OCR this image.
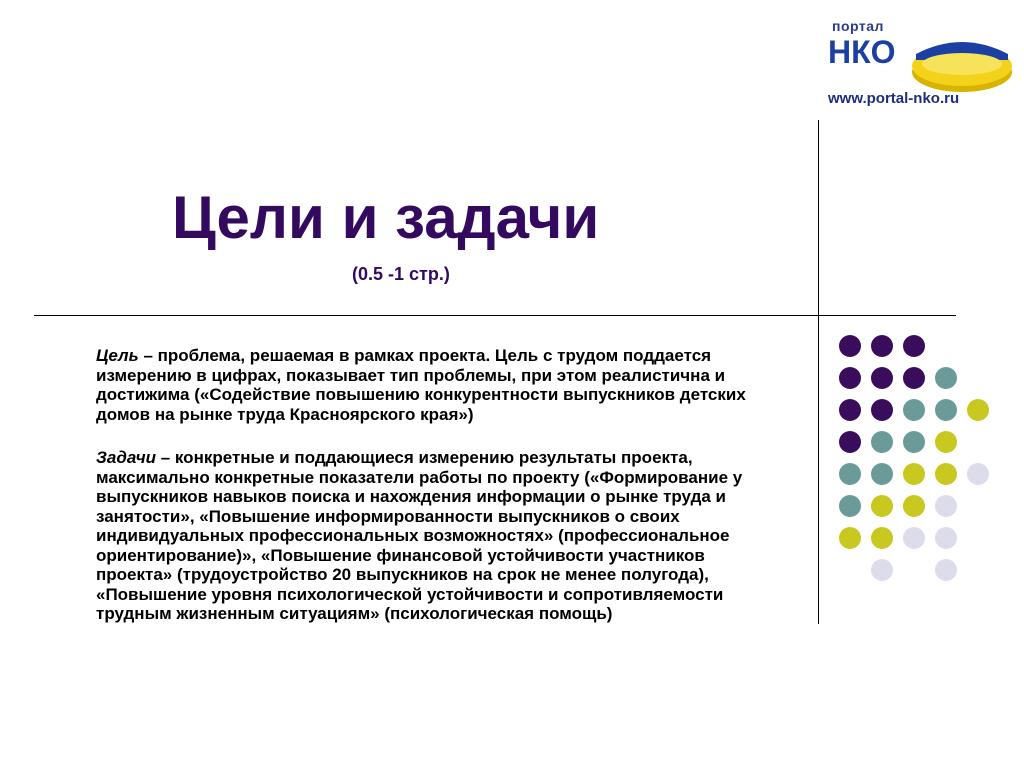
портал
НКО
www.portal-nko.ru
Цели и задачи
(0.5 -1 стр.)

Цель – проблема, решаемая в рамках проекта. Цель с трудом поддается измерению в цифрах, показывает тип проблемы, при этом реалистична и достижима («Содействие повышению конкурентности выпускников детских домов на рынке труда Красноярского края»)

Задачи – конкретные и поддающиеся измерению результаты проекта, максимально конкретные показатели работы по проекту («Формирование у выпускников навыков поиска и нахождения информации о рынке труда и занятости», «Повышение информированности выпускников о своих индивидуальных профессиональных возможностях» (профессиональное ориентирование)», «Повышение финансовой устойчивости участников проекта» (трудоустройство 20 выпускников на срок не менее полугода), «Повышение уровня психологической устойчивости и сопротивляемости трудным жизненным ситуациям» (психологическая помощь)
